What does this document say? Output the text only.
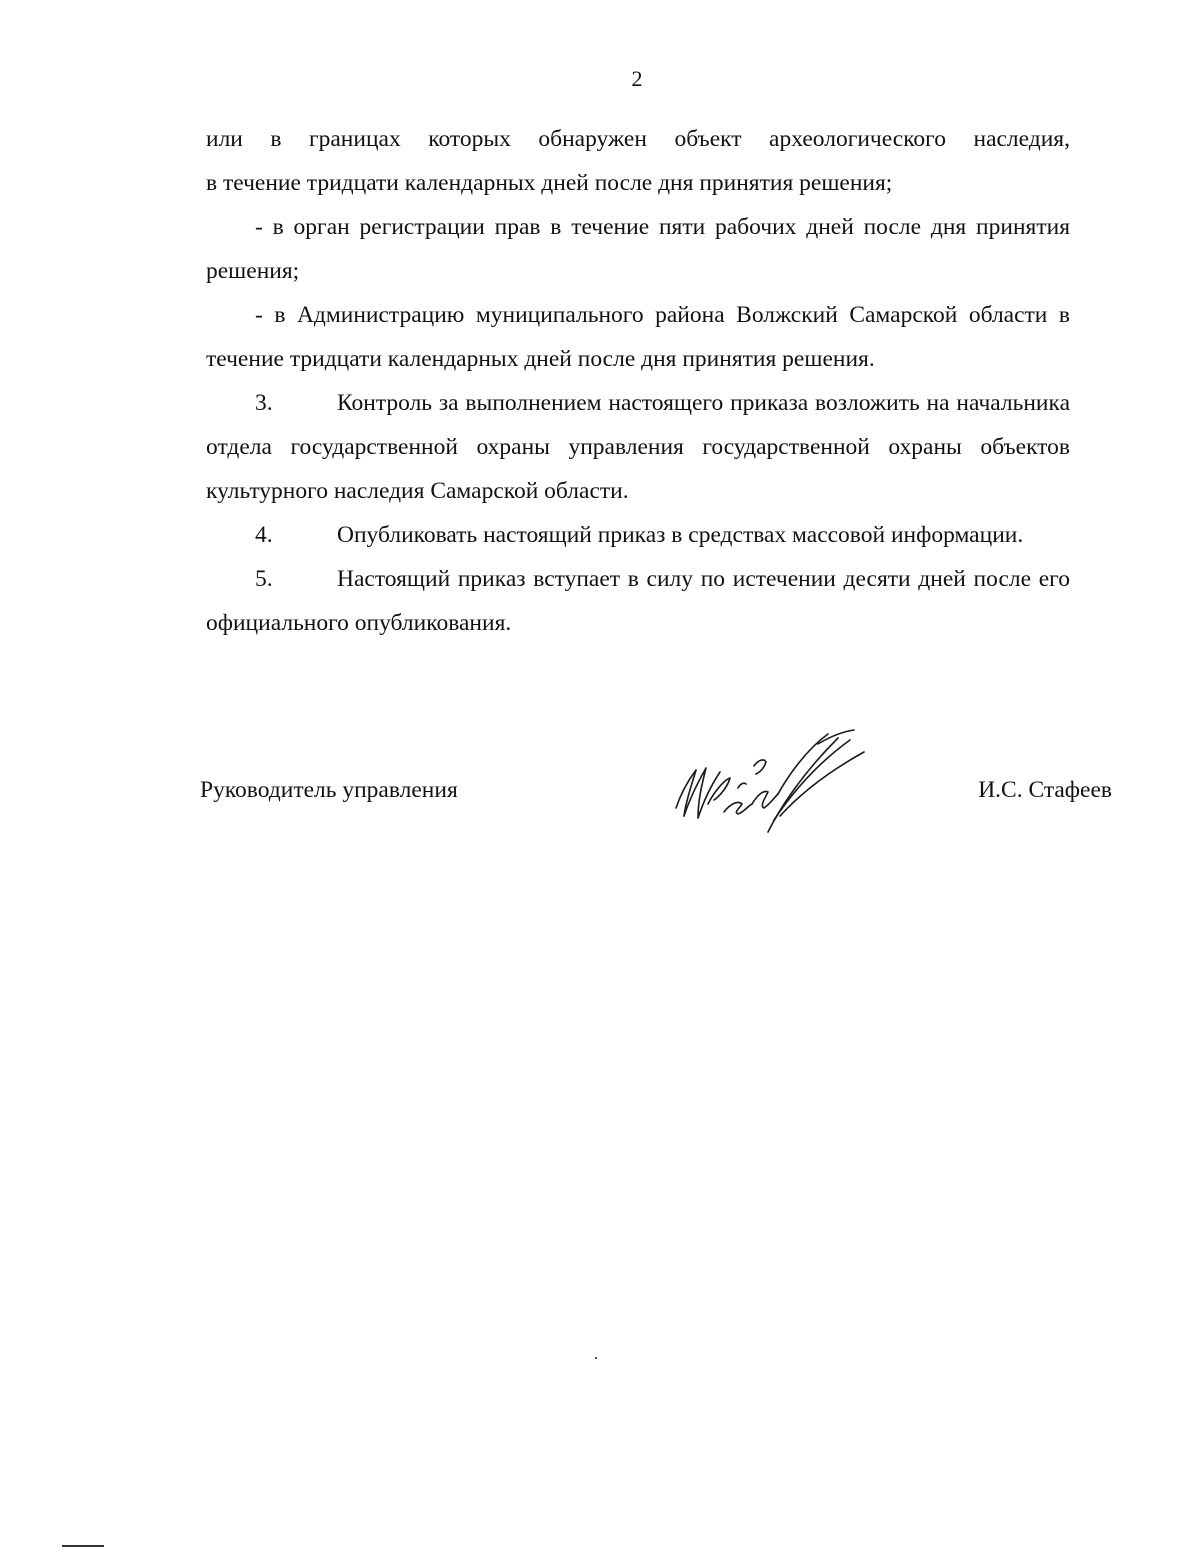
2

или в границах которых обнаружен объект археологического наследия,

в течение тридцати календарных дней после дня принятия решения;

- в орган регистрации прав в течение пяти рабочих дней после дня принятия решения;

- в Администрацию муниципального района Волжский Самарской области в течение тридцати календарных дней после дня принятия решения.

3.	Контроль за выполнением настоящего приказа возложить на начальника отдела государственной охраны управления государственной охраны объектов культурного наследия Самарской области.

4.	Опубликовать настоящий приказ в средствах массовой информации.

5.	Настоящий приказ вступает в силу по истечении десяти дней после его официального опубликования.

Руководитель управления	И.С. Стафеев
